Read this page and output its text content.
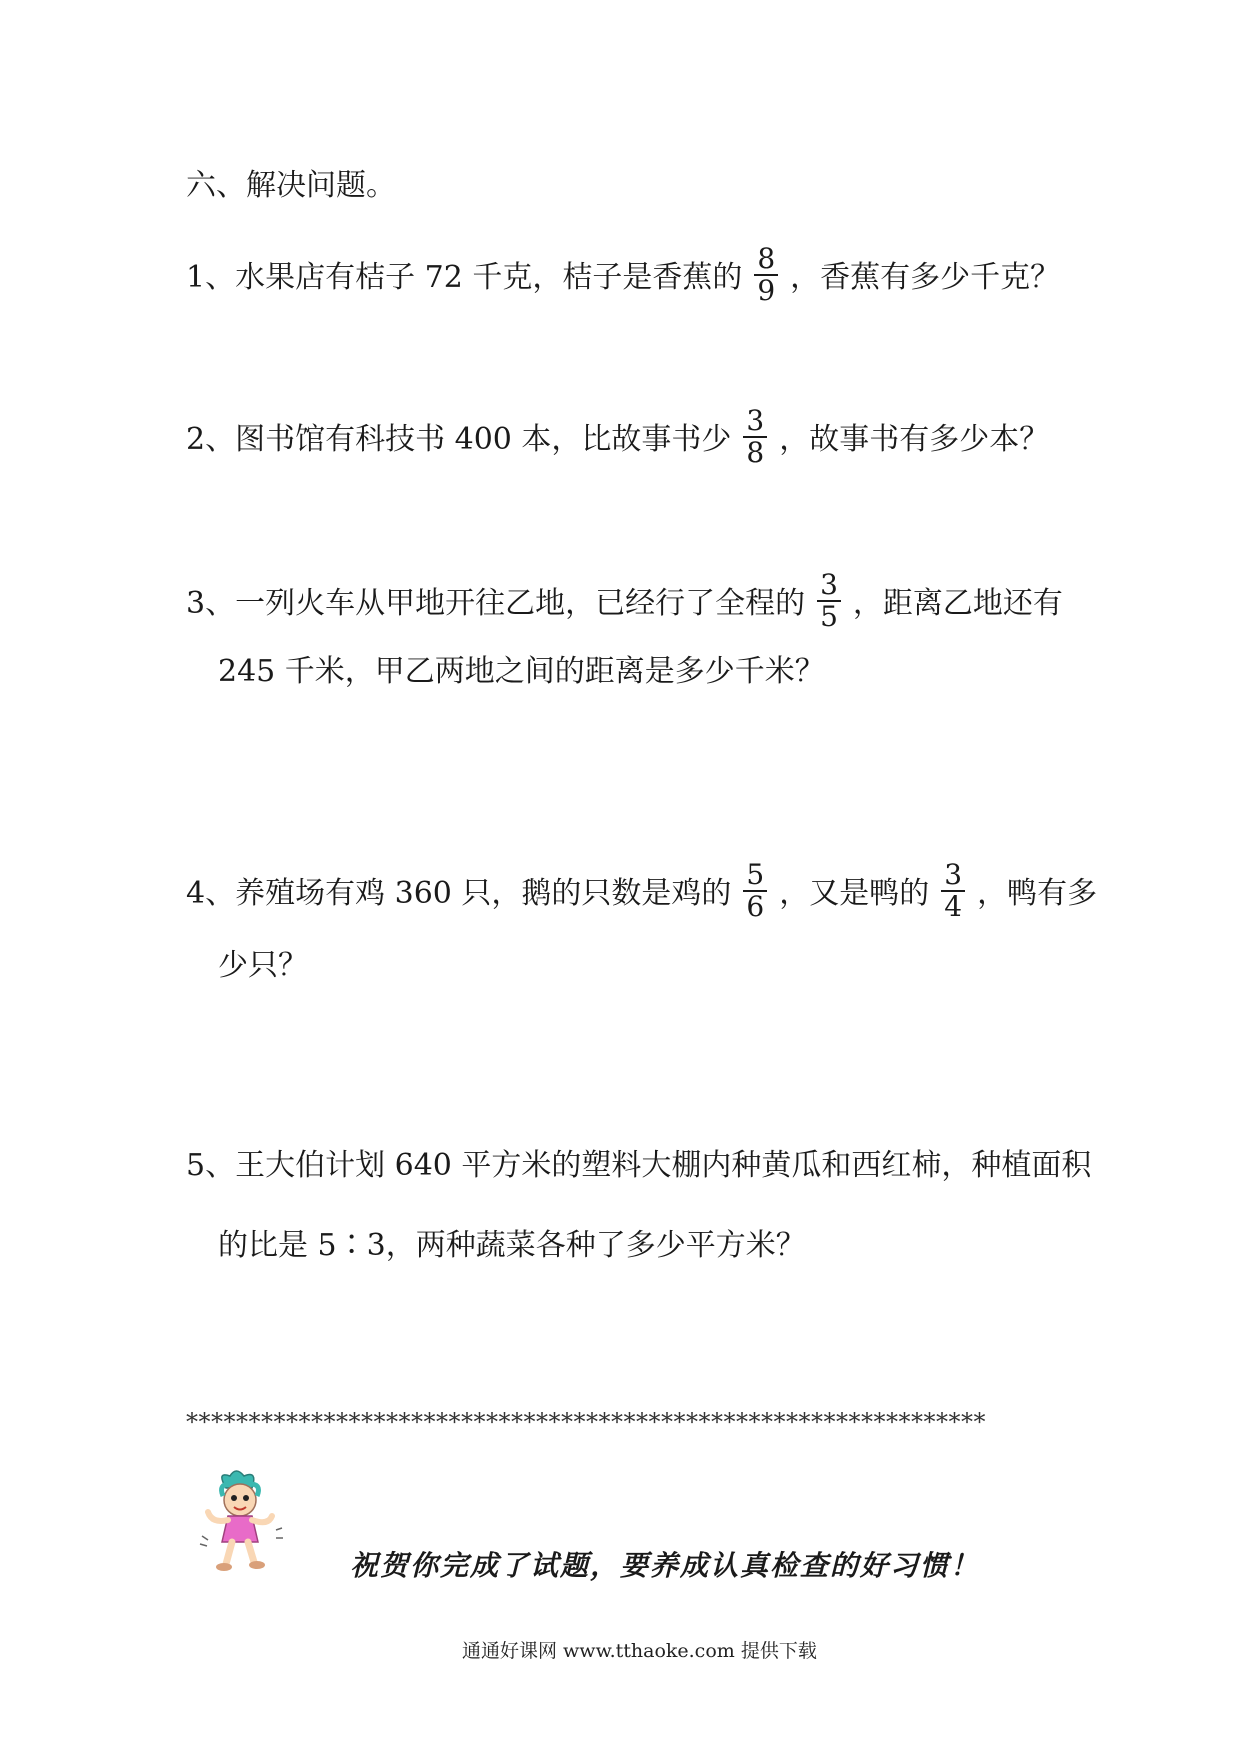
六、解决问题。
1、水果店有桔子 72 千克，桔子是香蕉的 $\frac{8}{9}$ ，香蕉有多少千克？
2、图书馆有科技书 400 本，比故事书少 $\frac{3}{8}$ ，故事书有多少本？
3、一列火车从甲地开往乙地，已经行了全程的 $\frac{3}{5}$ ，距离乙地还有
245 千米，甲乙两地之间的距离是多少千米？
4、养殖场有鸡 360 只，鹅的只数是鸡的 $\frac{5}{6}$ ，又是鸭的 $\frac{3}{4}$ ，鸭有多
少只？
5、王大伯计划 640 平方米的塑料大棚内种黄瓜和西红柿，种植面积
的比是 5∶3，两种蔬菜各种了多少平方米？
****************************************************************
祝贺你完成了试题，要养成认真检查的好习惯！
通通好课网 www.tthaoke.com 提供下载
